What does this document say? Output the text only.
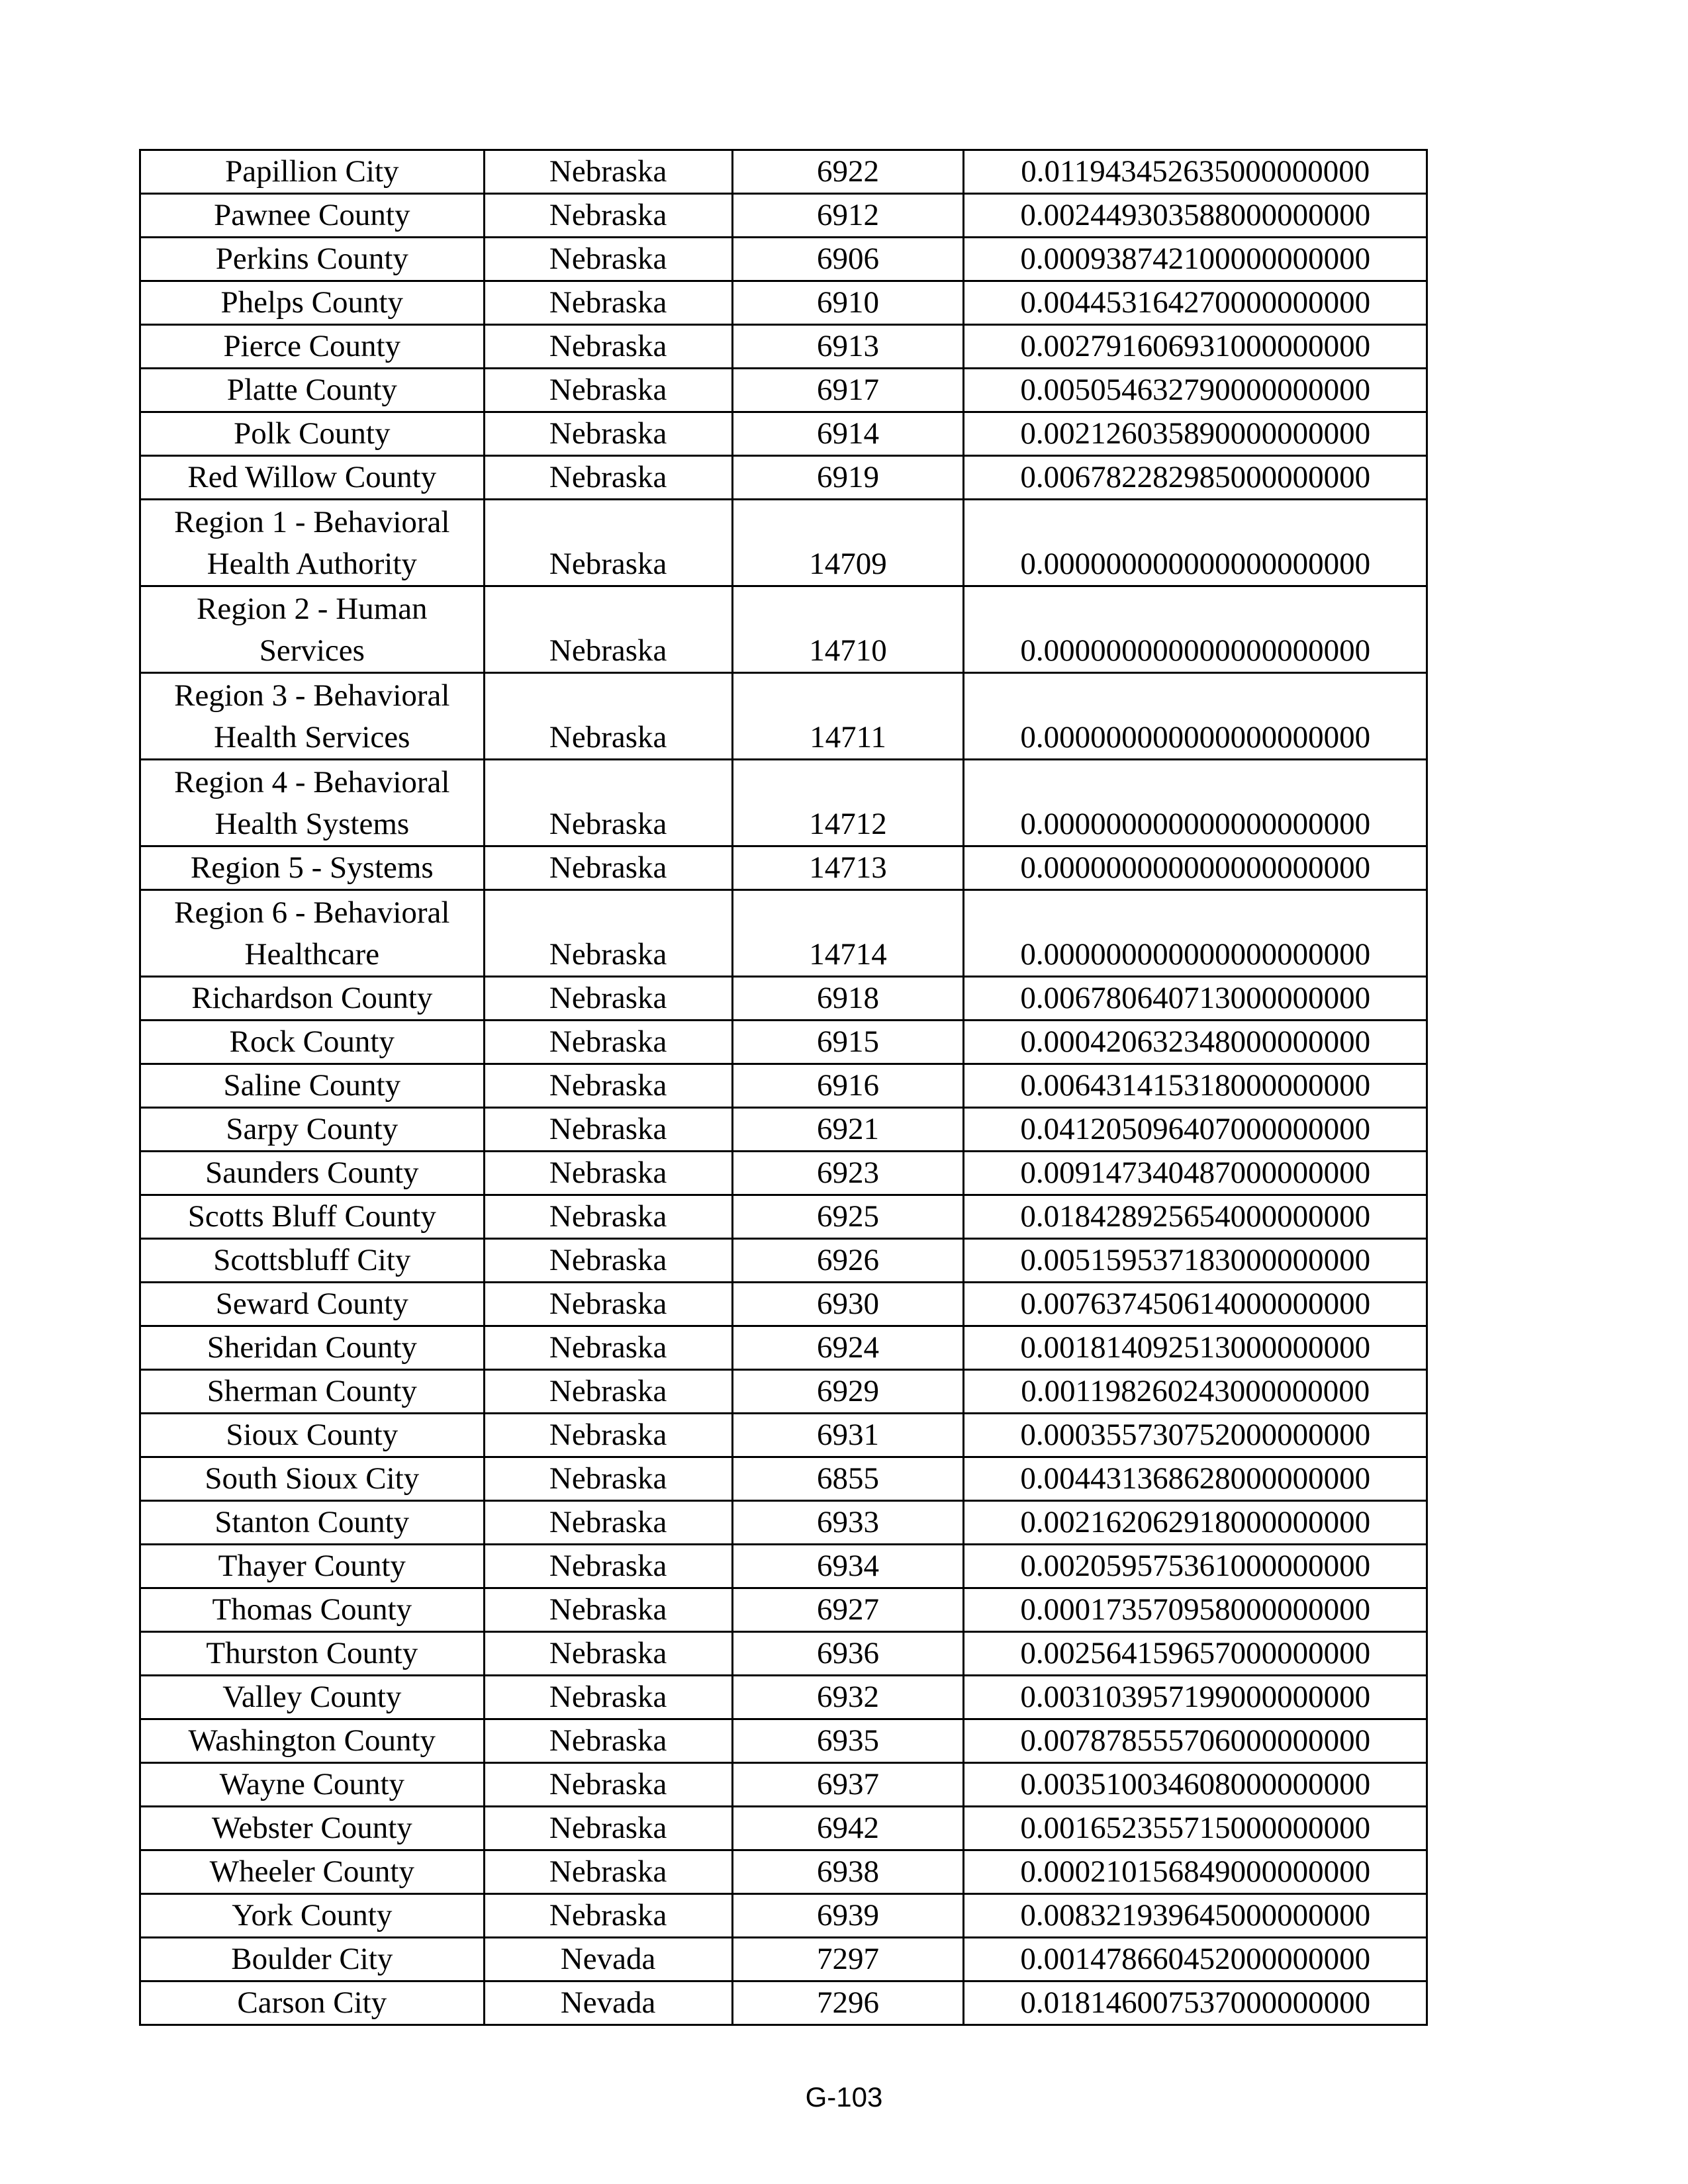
Papillion City	Nebraska	6922	0.011943452635000000000
Pawnee County	Nebraska	6912	0.002449303588000000000
Perkins County	Nebraska	6906	0.000938742100000000000
Phelps County	Nebraska	6910	0.004453164270000000000
Pierce County	Nebraska	6913	0.002791606931000000000
Platte County	Nebraska	6917	0.005054632790000000000
Polk County	Nebraska	6914	0.002126035890000000000
Red Willow County	Nebraska	6919	0.006782282985000000000
Region 1 - Behavioral Health Authority	Nebraska	14709	0.000000000000000000000
Region 2 - Human Services	Nebraska	14710	0.000000000000000000000
Region 3 - Behavioral Health Services	Nebraska	14711	0.000000000000000000000
Region 4 - Behavioral Health Systems	Nebraska	14712	0.000000000000000000000
Region 5 - Systems	Nebraska	14713	0.000000000000000000000
Region 6 - Behavioral Healthcare	Nebraska	14714	0.000000000000000000000
Richardson County	Nebraska	6918	0.006780640713000000000
Rock County	Nebraska	6915	0.000420632348000000000
Saline County	Nebraska	6916	0.006431415318000000000
Sarpy County	Nebraska	6921	0.041205096407000000000
Saunders County	Nebraska	6923	0.009147340487000000000
Scotts Bluff County	Nebraska	6925	0.018428925654000000000
Scottsbluff City	Nebraska	6926	0.005159537183000000000
Seward County	Nebraska	6930	0.007637450614000000000
Sheridan County	Nebraska	6924	0.001814092513000000000
Sherman County	Nebraska	6929	0.001198260243000000000
Sioux County	Nebraska	6931	0.000355730752000000000
South Sioux City	Nebraska	6855	0.004431368628000000000
Stanton County	Nebraska	6933	0.002162062918000000000
Thayer County	Nebraska	6934	0.002059575361000000000
Thomas County	Nebraska	6927	0.000173570958000000000
Thurston County	Nebraska	6936	0.002564159657000000000
Valley County	Nebraska	6932	0.003103957199000000000
Washington County	Nebraska	6935	0.007878555706000000000
Wayne County	Nebraska	6937	0.003510034608000000000
Webster County	Nebraska	6942	0.001652355715000000000
Wheeler County	Nebraska	6938	0.000210156849000000000
York County	Nebraska	6939	0.008321939645000000000
Boulder City	Nevada	7297	0.001478660452000000000
Carson City	Nevada	7296	0.018146007537000000000
G-103
